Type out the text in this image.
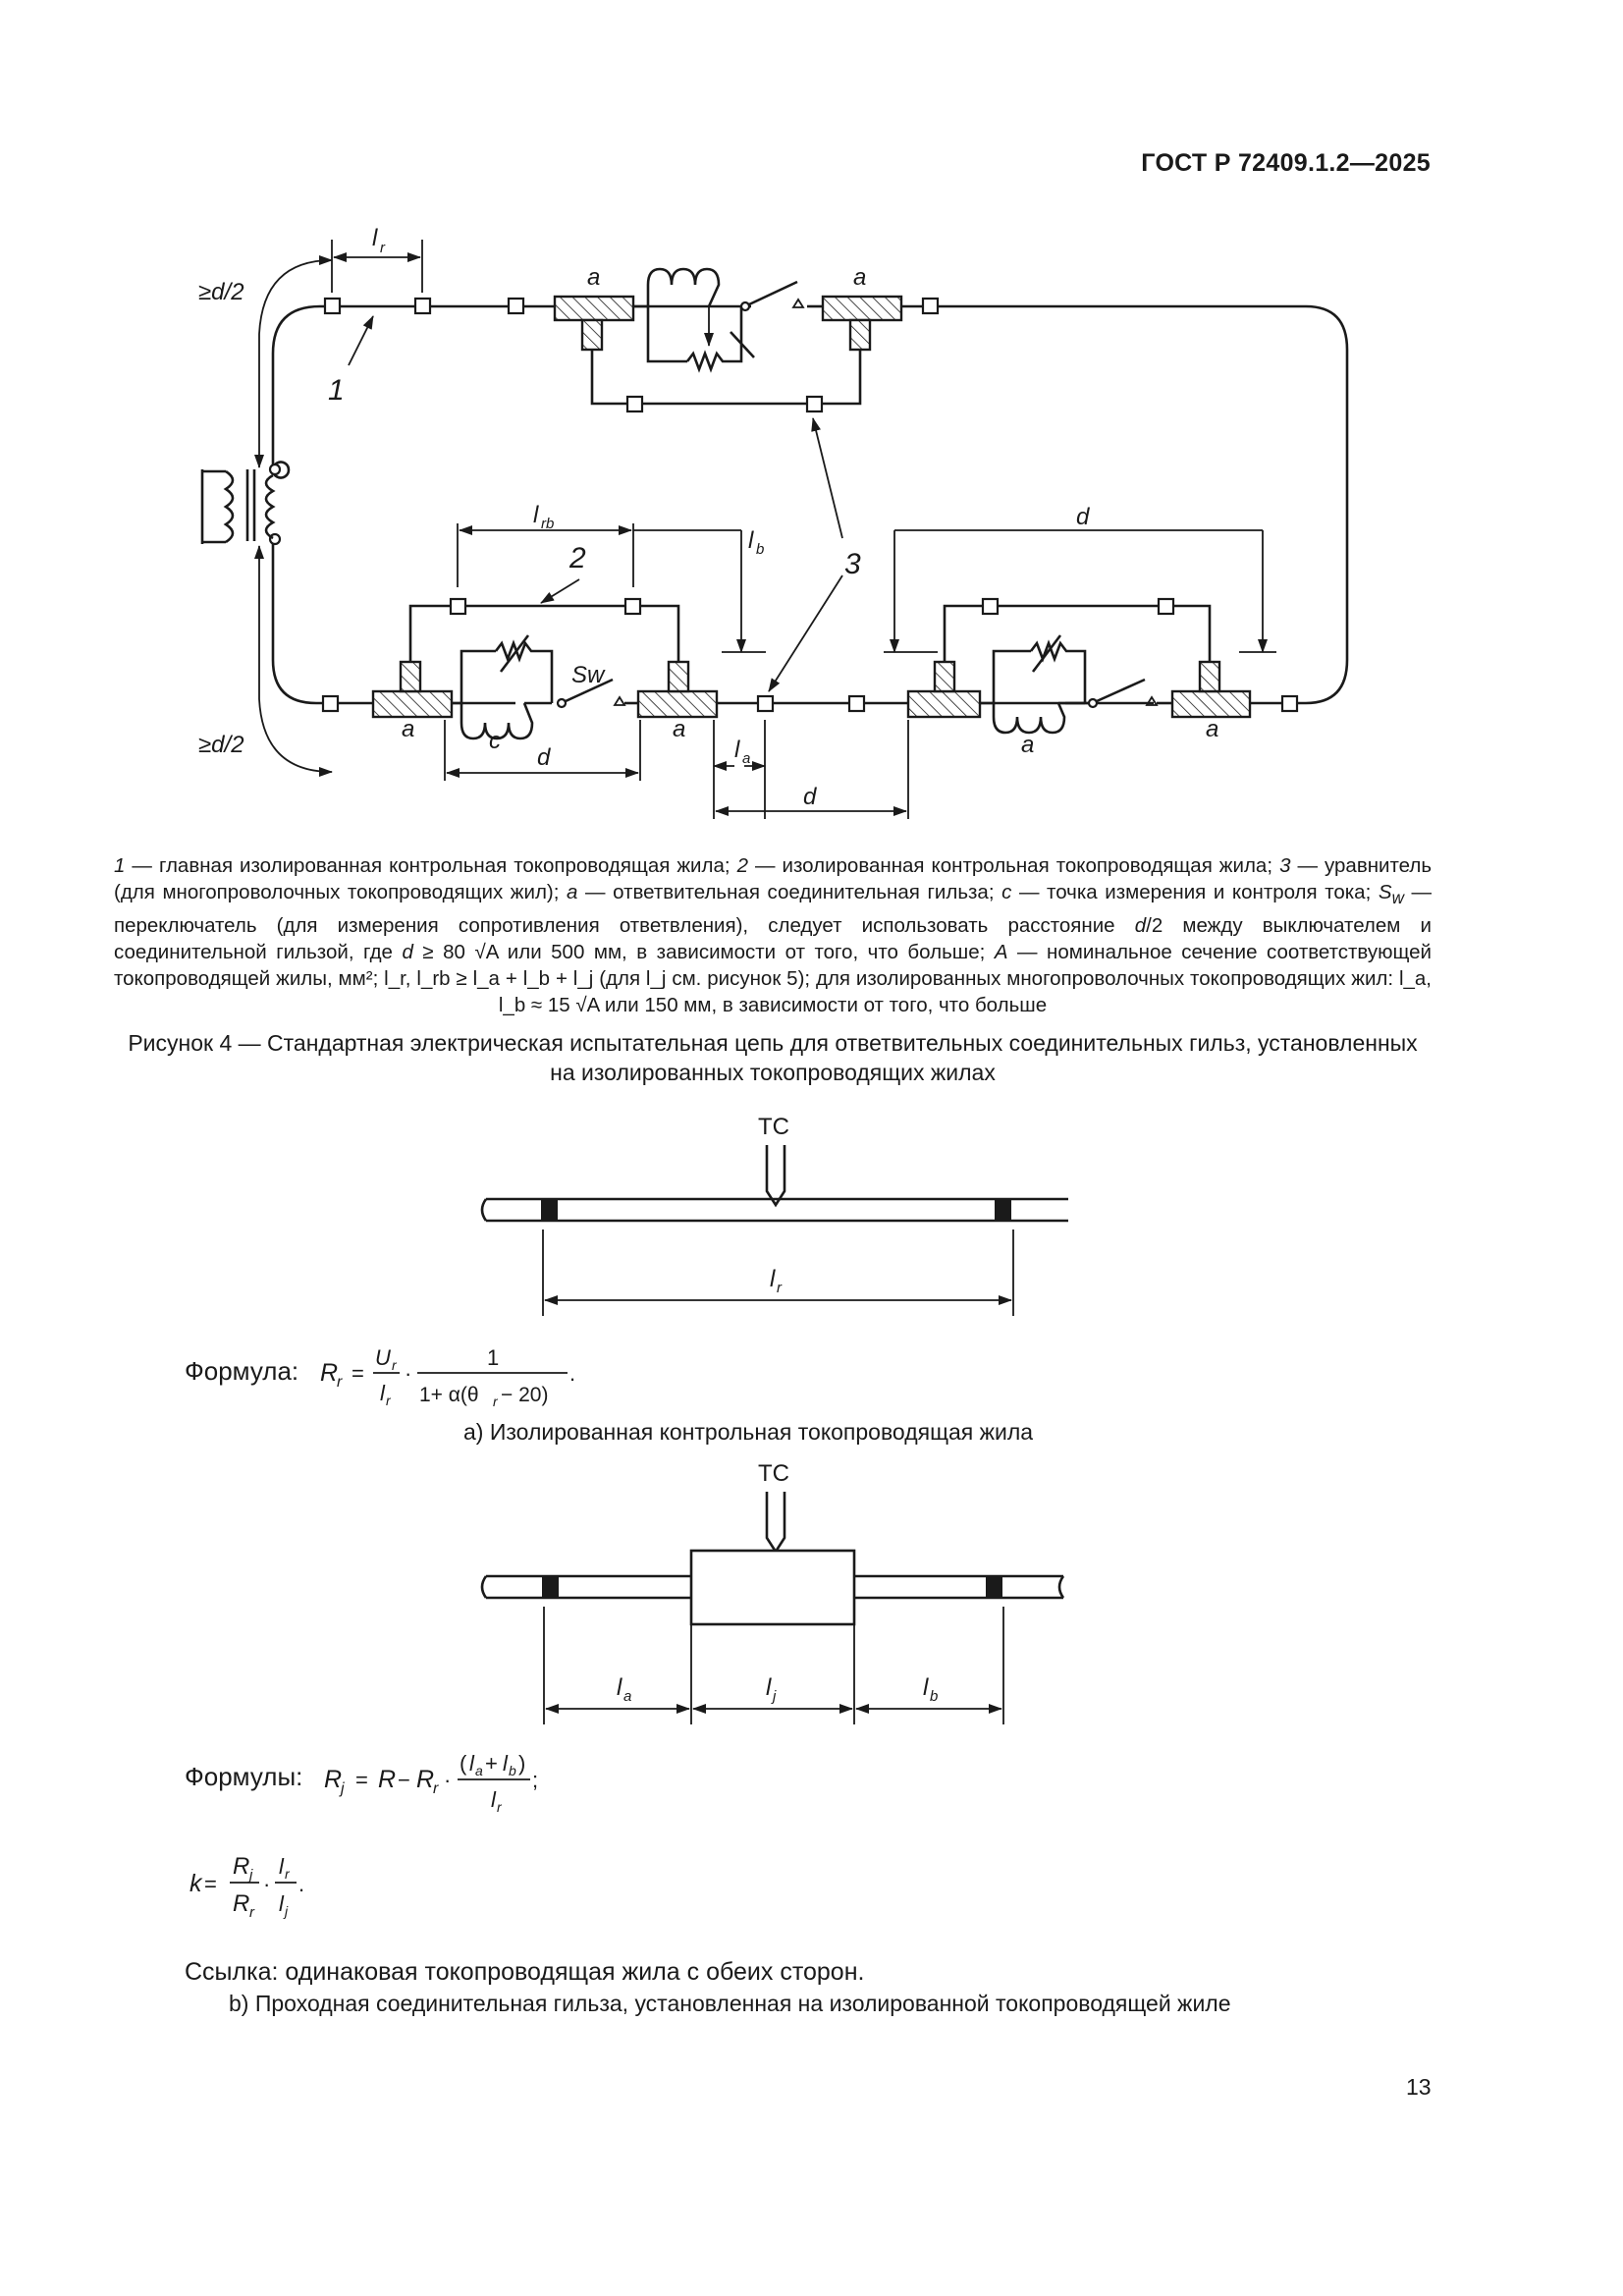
ГОСТ Р 72409.1.2—2025
≥d/2
≥d/2
l r
1
a	a
a	a
2
Sw
c
l rb
l b
d	l a
d
3
a
a
d
1 — главная изолированная контрольная токопроводящая жила; 2 — изолированная контрольная токопроводящая жила; 3 — уравнитель (для многопроволочных токопроводящих жил); a — ответвительная соединительная гильза; c — точка измерения и контроля тока; $S_w$ — переключатель (для измерения сопротивления ответвления), следует использовать расстояние d/2 между выключателем и соединительной гильзой, где d ≥ 80 √A или 500 мм, в зависимости от того, что больше; A — номинальное сечение соответствующей токопроводящей жилы, мм²; l_r, l_rb ≥ l_a + l_b + l_j (для l_j см. рисунок 5); для изолированных многопроволочных токопроводящих жил: l_a, l_b ≈ 15 √A или 150 мм, в зависимости от того, что больше
Рисунок 4 — Стандартная электрическая испытательная цепь для ответвительных соединительных гильз, установленных на изолированных токопроводящих жилах
TC
l r
R
r =
U r
l r
·
1
1+ α(θ r − 20)
.
Формула:
а) Изолированная контрольная токопроводящая жила
TC
l a	l j	l b
R
j = R − R
r ·
( l a + l b )
l r
;
k =
R j
R r
·
l r
l j
.
Формулы:
Ссылка: одинаковая токопроводящая жила с обеих сторон.
b) Проходная соединительная гильза, установленная на изолированной токопроводящей жиле
13
